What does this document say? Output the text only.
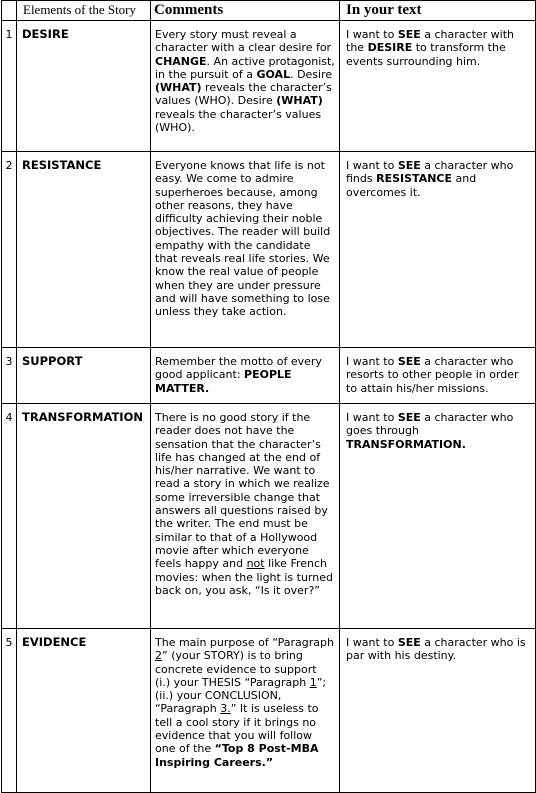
	Elements of the Story	Comments	In your text
1	DESIRE	Every story must reveal a character with a clear desire for CHANGE. An active protagonist, in the pursuit of a GOAL. Desire (WHAT) reveals the character’s values (WHO). Desire (WHAT) reveals the character’s values (WHO).	I want to SEE a character with the DESIRE to transform the events surrounding him.
2	RESISTANCE	Everyone knows that life is not easy. We come to admire superheroes because, among other reasons, they have difficulty achieving their noble objectives. The reader will build empathy with the candidate that reveals real life stories. We know the real value of people when they are under pressure and will have something to lose unless they take action.	I want to SEE a character who finds RESISTANCE and overcomes it.
3	SUPPORT	Remember the motto of every good applicant: PEOPLE MATTER.	I want to SEE a character who resorts to other people in order to attain his/her missions.
4	TRANSFORMATION	There is no good story if the reader does not have the sensation that the character’s life has changed at the end of his/her narrative. We want to read a story in which we realize some irreversible change that answers all questions raised by the writer. The end must be similar to that of a Hollywood movie after which everyone feels happy and not like French movies: when the light is turned back on, you ask, “Is it over?”	I want to SEE a character who goes through TRANSFORMATION.
5	EVIDENCE	The main purpose of “Paragraph 2” (your STORY) is to bring concrete evidence to support (i.) your THESIS “Paragraph 1”; (ii.) your CONCLUSION, “Paragraph 3.” It is useless to tell a cool story if it brings no evidence that you will follow one of the “Top 8 Post-MBA Inspiring Careers.”	I want to SEE a character who is par with his destiny.
